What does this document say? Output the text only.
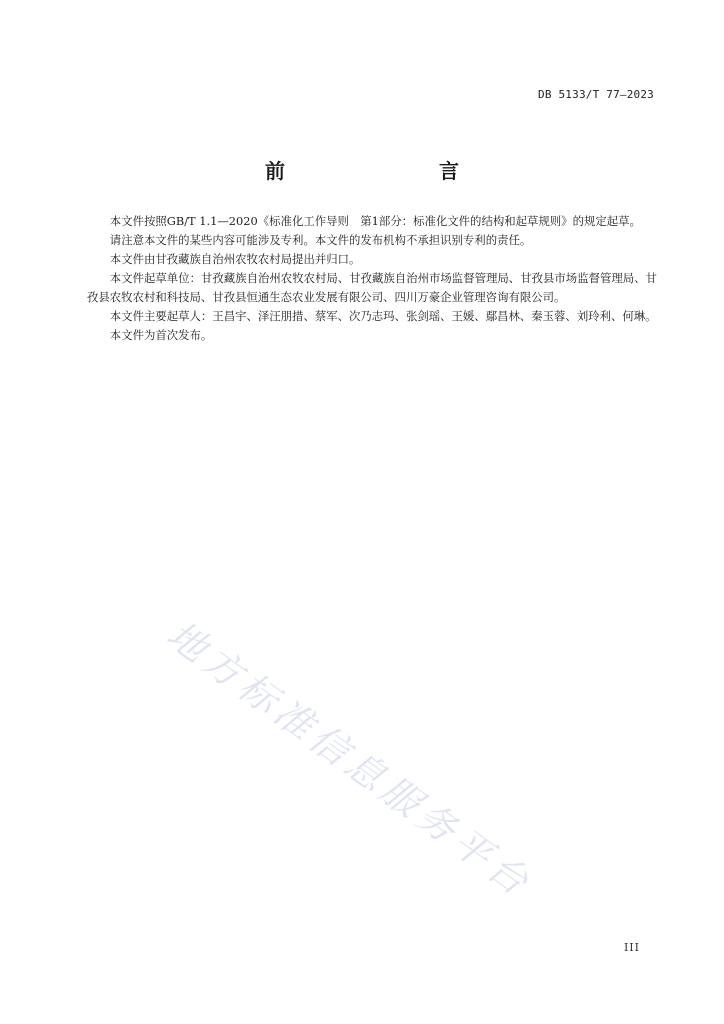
DB 5133/T 77—2023
前　　言

本文件按照GB/T 1.1—2020《标准化工作导则　第1部分：标准化文件的结构和起草规则》的规定起草。

请注意本文件的某些内容可能涉及专利。本文件的发布机构不承担识别专利的责任。

本文件由甘孜藏族自治州农牧农村局提出并归口。

本文件起草单位：甘孜藏族自治州农牧农村局、甘孜藏族自治州市场监督管理局、甘孜县市场监督管理局、甘孜县农牧农村和科技局、甘孜县恒通生态农业发展有限公司、四川万豪企业管理咨询有限公司。

本文件主要起草人：王昌宇、泽汪朋措、蔡军、次乃志玛、张剑瑶、王媛、鄢昌林、秦玉蓉、刘玲利、何琳。

本文件为首次发布。

地方标准信息服务平台
III
